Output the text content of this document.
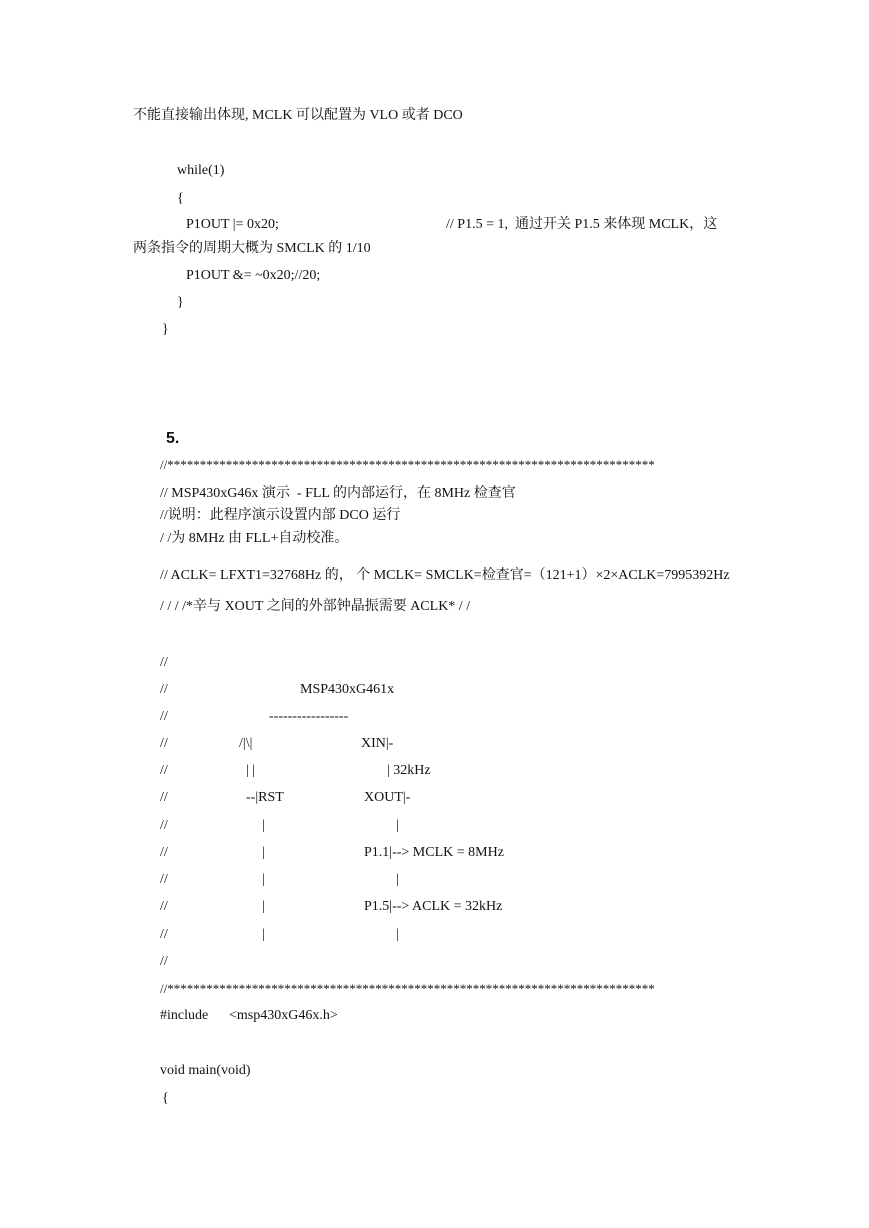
不能直接输出体现, MCLK 可以配置为 VLO 或者 DCO

while(1)

{

P1OUT |= 0x20;	// P1.5 = 1,  通过开关 P1.5 来体现 MCLK，这

两条指令的周期大概为 SMCLK 的 1/10

P1OUT &= ~0x20;//20;

}

}

5.

//***************************************************************************

// MSP430xG46x 演示  - FLL 的内部运行，在 8MHz 检查官

//说明：此程序演示设置内部 DCO 运行

/ /为 8MHz 由 FLL+自动校准。

// ACLK= LFXT1=32768Hz 的， 个 MCLK= SMCLK=检查官=（121+1）×2×ACLK=7995392Hz

/ / / /*辛与 XOUT 之间的外部钟晶振需要 ACLK* / /

//

//	MSP430xG461x

//	-----------------

//	/|\|	XIN|-

//	| |	| 32kHz

//	--|RST	XOUT|-

//	|	|

//	|	P1.1|--> MCLK = 8MHz

//	|	|

//	|	P1.5|--> ACLK = 32kHz

//	|	|

//

//***************************************************************************

#include <msp430xG46x.h>

void main(void)

{
